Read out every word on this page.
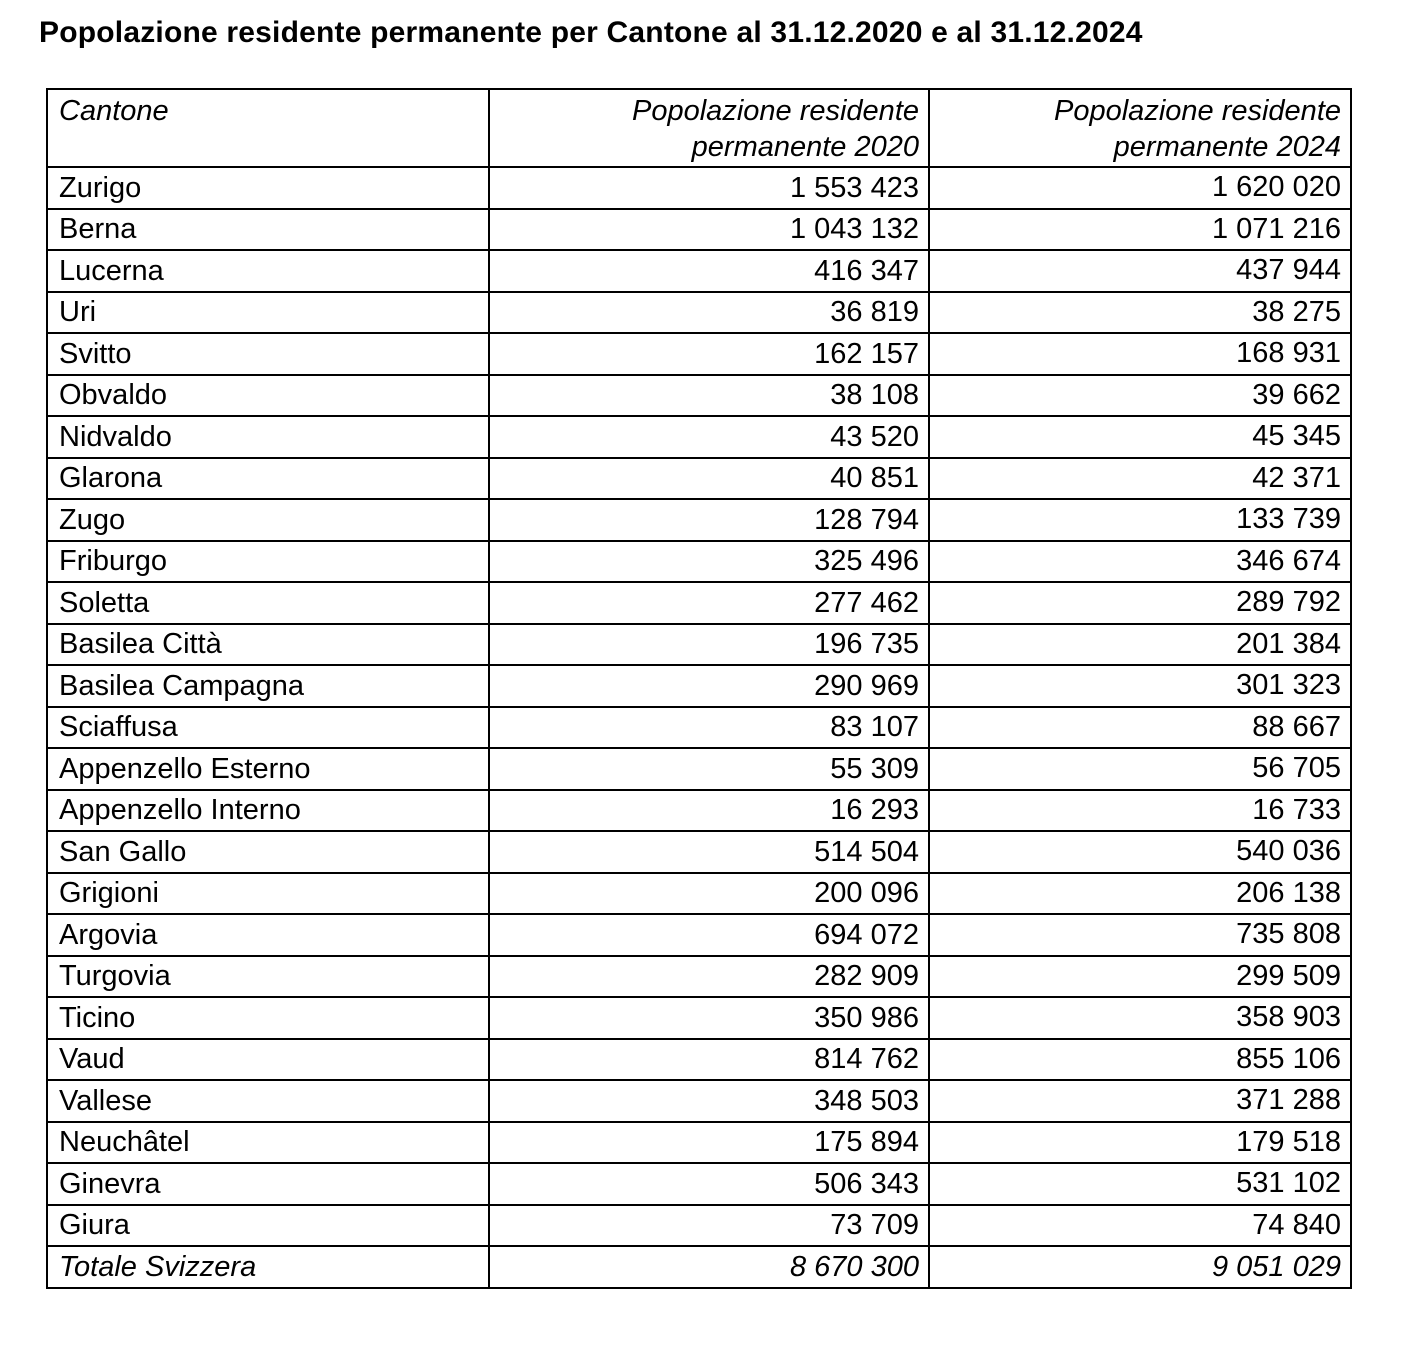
Popolazione residente permanente per Cantone al 31.12.2020 e al 31.12.2024
Cantone	Popolazione residente permanente 2020	Popolazione residente permanente 2024
Zurigo	1 553 423	1 620 020
Berna	1 043 132	1 071 216
Lucerna	416 347	437 944
Uri	36 819	38 275
Svitto	162 157	168 931
Obvaldo	38 108	39 662
Nidvaldo	43 520	45 345
Glarona	40 851	42 371
Zugo	128 794	133 739
Friburgo	325 496	346 674
Soletta	277 462	289 792
Basilea Città	196 735	201 384
Basilea Campagna	290 969	301 323
Sciaffusa	83 107	88 667
Appenzello Esterno	55 309	56 705
Appenzello Interno	16 293	16 733
San Gallo	514 504	540 036
Grigioni	200 096	206 138
Argovia	694 072	735 808
Turgovia	282 909	299 509
Ticino	350 986	358 903
Vaud	814 762	855 106
Vallese	348 503	371 288
Neuchâtel	175 894	179 518
Ginevra	506 343	531 102
Giura	73 709	74 840
Totale Svizzera	8 670 300	9 051 029
